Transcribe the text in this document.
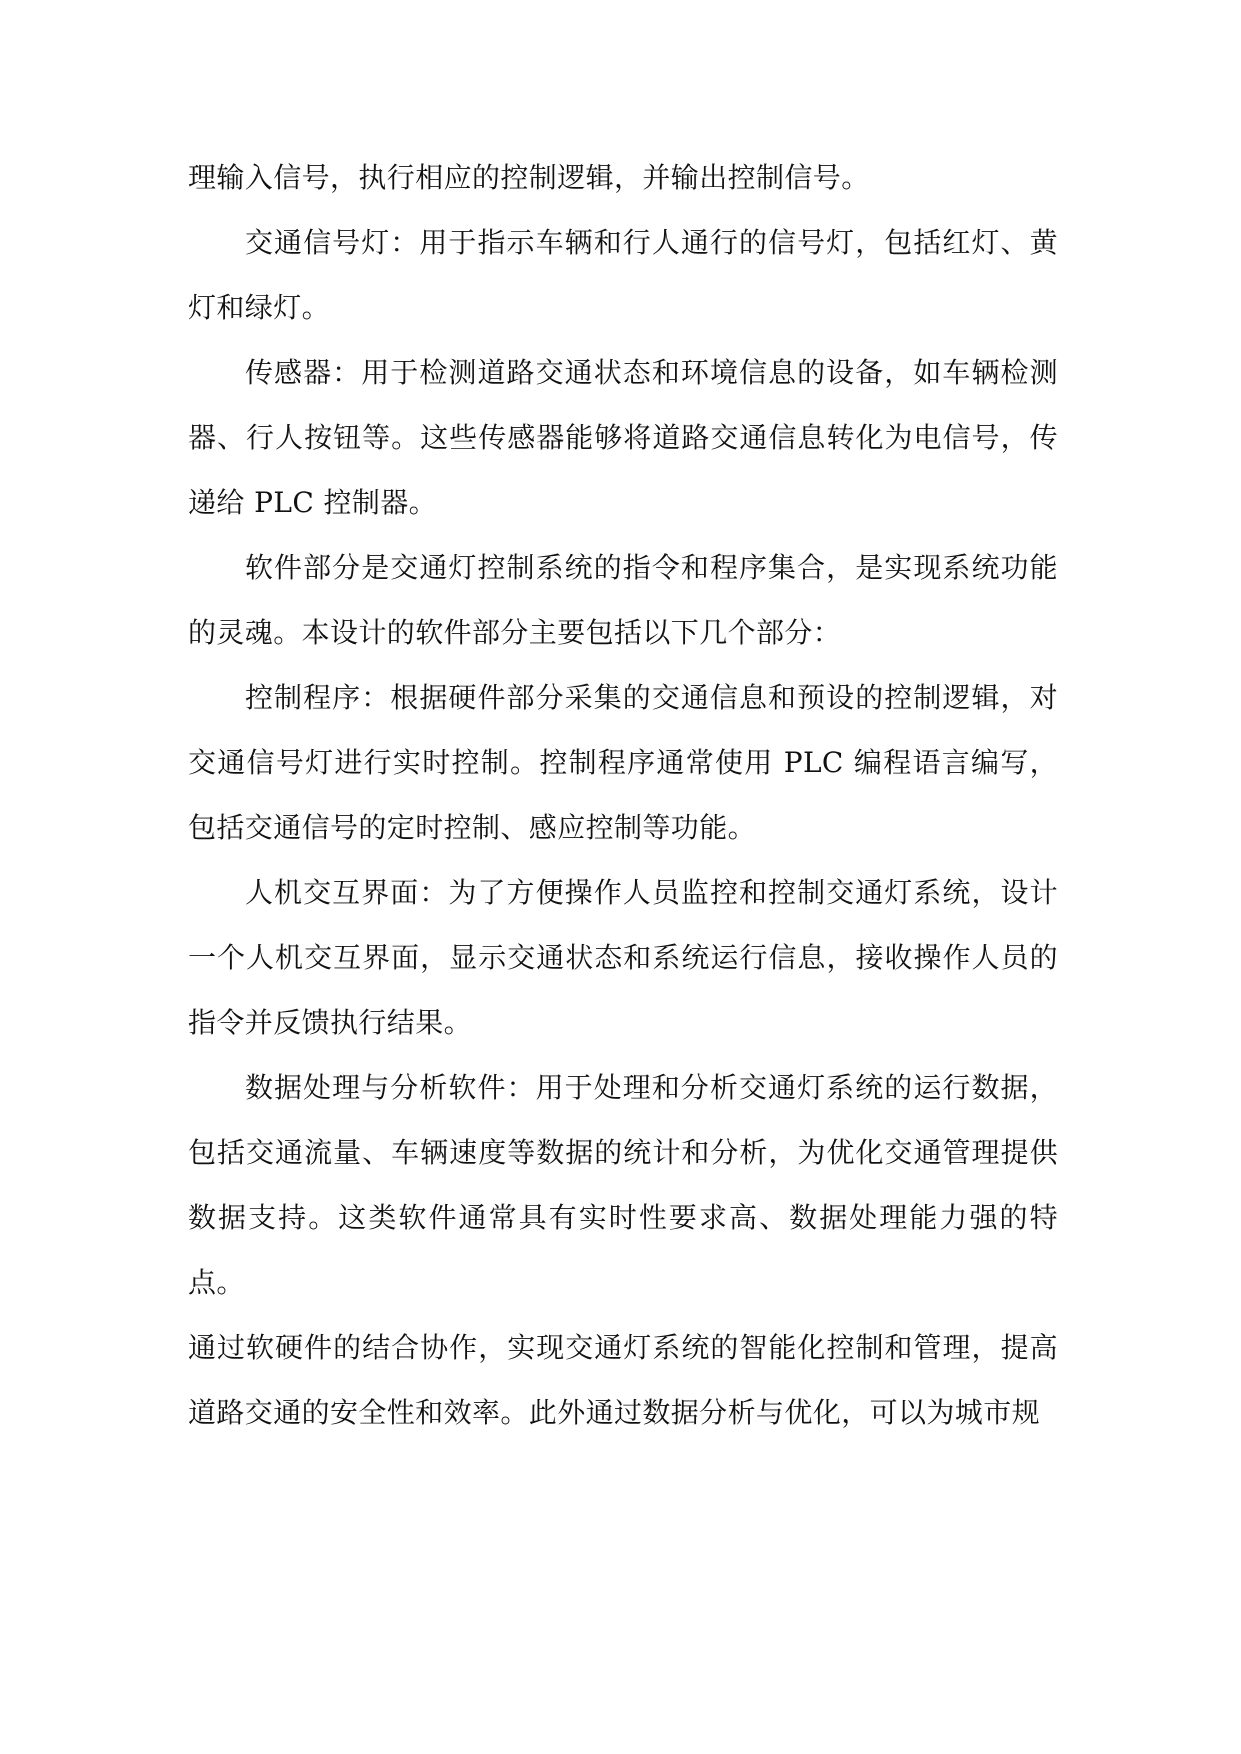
理输入信号，执行相应的控制逻辑，并输出控制信号。

交通信号灯：用于指示车辆和行人通行的信号灯，包括红灯、黄灯和绿灯。

传感器：用于检测道路交通状态和环境信息的设备，如车辆检测器、行人按钮等。这些传感器能够将道路交通信息转化为电信号，传递给 PLC 控制器。

软件部分是交通灯控制系统的指令和程序集合，是实现系统功能的灵魂。本设计的软件部分主要包括以下几个部分：

控制程序：根据硬件部分采集的交通信息和预设的控制逻辑，对交通信号灯进行实时控制。控制程序通常使用 PLC 编程语言编写，包括交通信号的定时控制、感应控制等功能。

人机交互界面：为了方便操作人员监控和控制交通灯系统，设计一个人机交互界面，显示交通状态和系统运行信息，接收操作人员的指令并反馈执行结果。

数据处理与分析软件：用于处理和分析交通灯系统的运行数据，包括交通流量、车辆速度等数据的统计和分析，为优化交通管理提供数据支持。这类软件通常具有实时性要求高、数据处理能力强的特点。

通过软硬件的结合协作，实现交通灯系统的智能化控制和管理，提高道路交通的安全性和效率。此外通过数据分析与优化，可以为城市规
